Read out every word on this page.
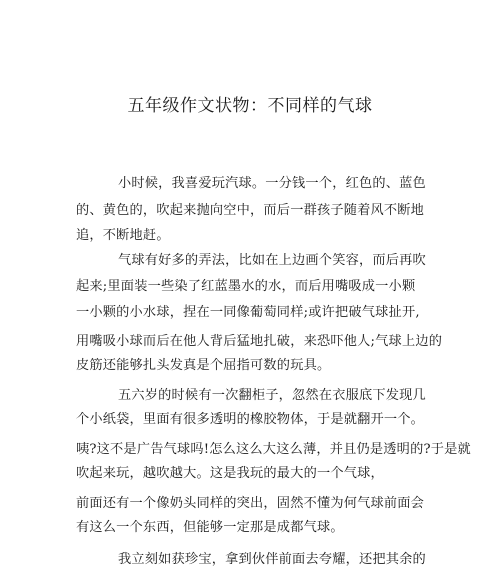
五年级作文状物：不同样的气球
小时候，我喜爱玩汽球。一分钱一个，红色的、蓝色
的、黄色的，吹起来抛向空中，而后一群孩子随着风不断地
追，不断地赶。
气球有好多的弄法，比如在上边画个笑容，而后再吹
起来;里面装一些染了红蓝墨水的水，而后用嘴吸成一小颗
一小颗的小水球，捏在一同像葡萄同样;或许把破气球扯开,
用嘴吸小球而后在他人背后猛地扎破，来恐吓他人;气球上边的
皮筋还能够扎头发真是个屈指可数的玩具。
五六岁的时候有一次翻柜子，忽然在衣服底下发现几
个小纸袋，里面有很多透明的橡胶物体，于是就翻开一个。
咦?这不是广告气球吗!怎么这么大这么薄，并且仍是透明的?于是就
吹起来玩，越吹越大。这是我玩的最大的一个气球，
前面还有一个像奶头同样的突出，固然不懂为何气球前面会
有这么一个东西，但能够一定那是成都气球。
我立刻如获珍宝，拿到伙伴前面去夸耀，还把其余的
